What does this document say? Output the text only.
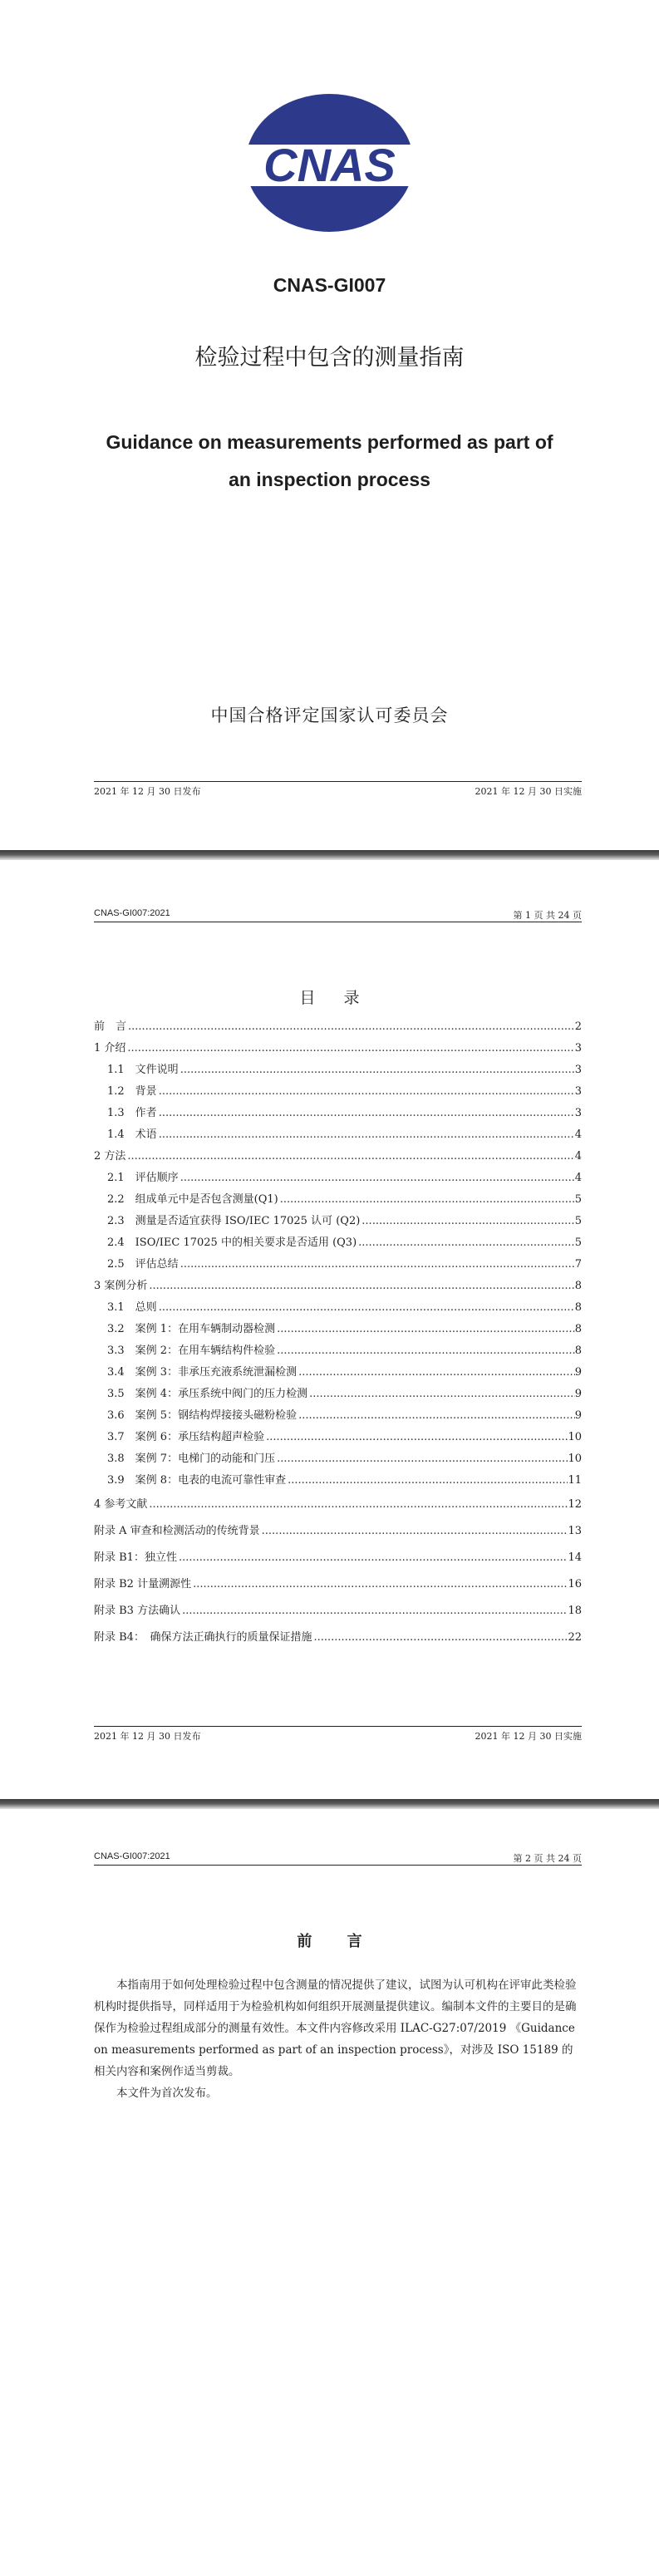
CNAS
CNAS-GI007
检验过程中包含的测量指南
Guidance on measurements performed as part of
an inspection process
中国合格评定国家认可委员会
2021 年 12 月 30 日发布	2021 年 12 月 30 日实施
CNAS-GI007:2021	第 1 页 共 24 页
目 录
前　言 .....	2
1 介绍 .....	3
1.1　文件说明 .....	3
1.2　背景 .....	3
1.3　作者 .....	3
1.4　术语 .....	4
2 方法 .....	4
2.1　评估顺序 .....	4
2.2　组成单元中是否包含测量(Q1) .....	5
2.3　测量是否适宜获得 ISO/IEC 17025 认可 (Q2) .....	5
2.4　ISO/IEC 17025 中的相关要求是否适用 (Q3) .....	5
2.5　评估总结 .....	7
3 案例分析 .....	8
3.1　总则 .....	8
3.2　案例 1：在用车辆制动器检测 .....	8
3.3　案例 2：在用车辆结构件检验 .....	8
3.4　案例 3：非承压充液系统泄漏检测 .....	9
3.5　案例 4：承压系统中阀门的压力检测 .....	9
3.6　案例 5：钢结构焊接接头磁粉检验 .....	9
3.7　案例 6：承压结构超声检验 .....	10
3.8　案例 7：电梯门的动能和门压 .....	10
3.9　案例 8：电表的电流可靠性审查 .....	11
4 参考文献 .....	12
附录 A 审查和检测活动的传统背景 .....	13
附录 B1：独立性 .....	14
附录 B2 计量溯源性 .....	16
附录 B3 方法确认 .....	18
附录 B4：　确保方法正确执行的质量保证措施 .....	22
2021 年 12 月 30 日发布	2021 年 12 月 30 日实施
CNAS-GI007:2021	第 2 页 共 24 页
前 言

本指南用于如何处理检验过程中包含测量的情况提供了建议，试图为认可机构在评审此类检验机构时提供指导，同样适用于为检验机构如何组织开展测量提供建议。编制本文件的主要目的是确保作为检验过程组成部分的测量有效性。本文件内容修改采用 ILAC-G27:07/2019 《Guidance on measurements performed as part of an inspection process》，对涉及 ISO 15189 的相关内容和案例作适当剪裁。

本文件为首次发布。
